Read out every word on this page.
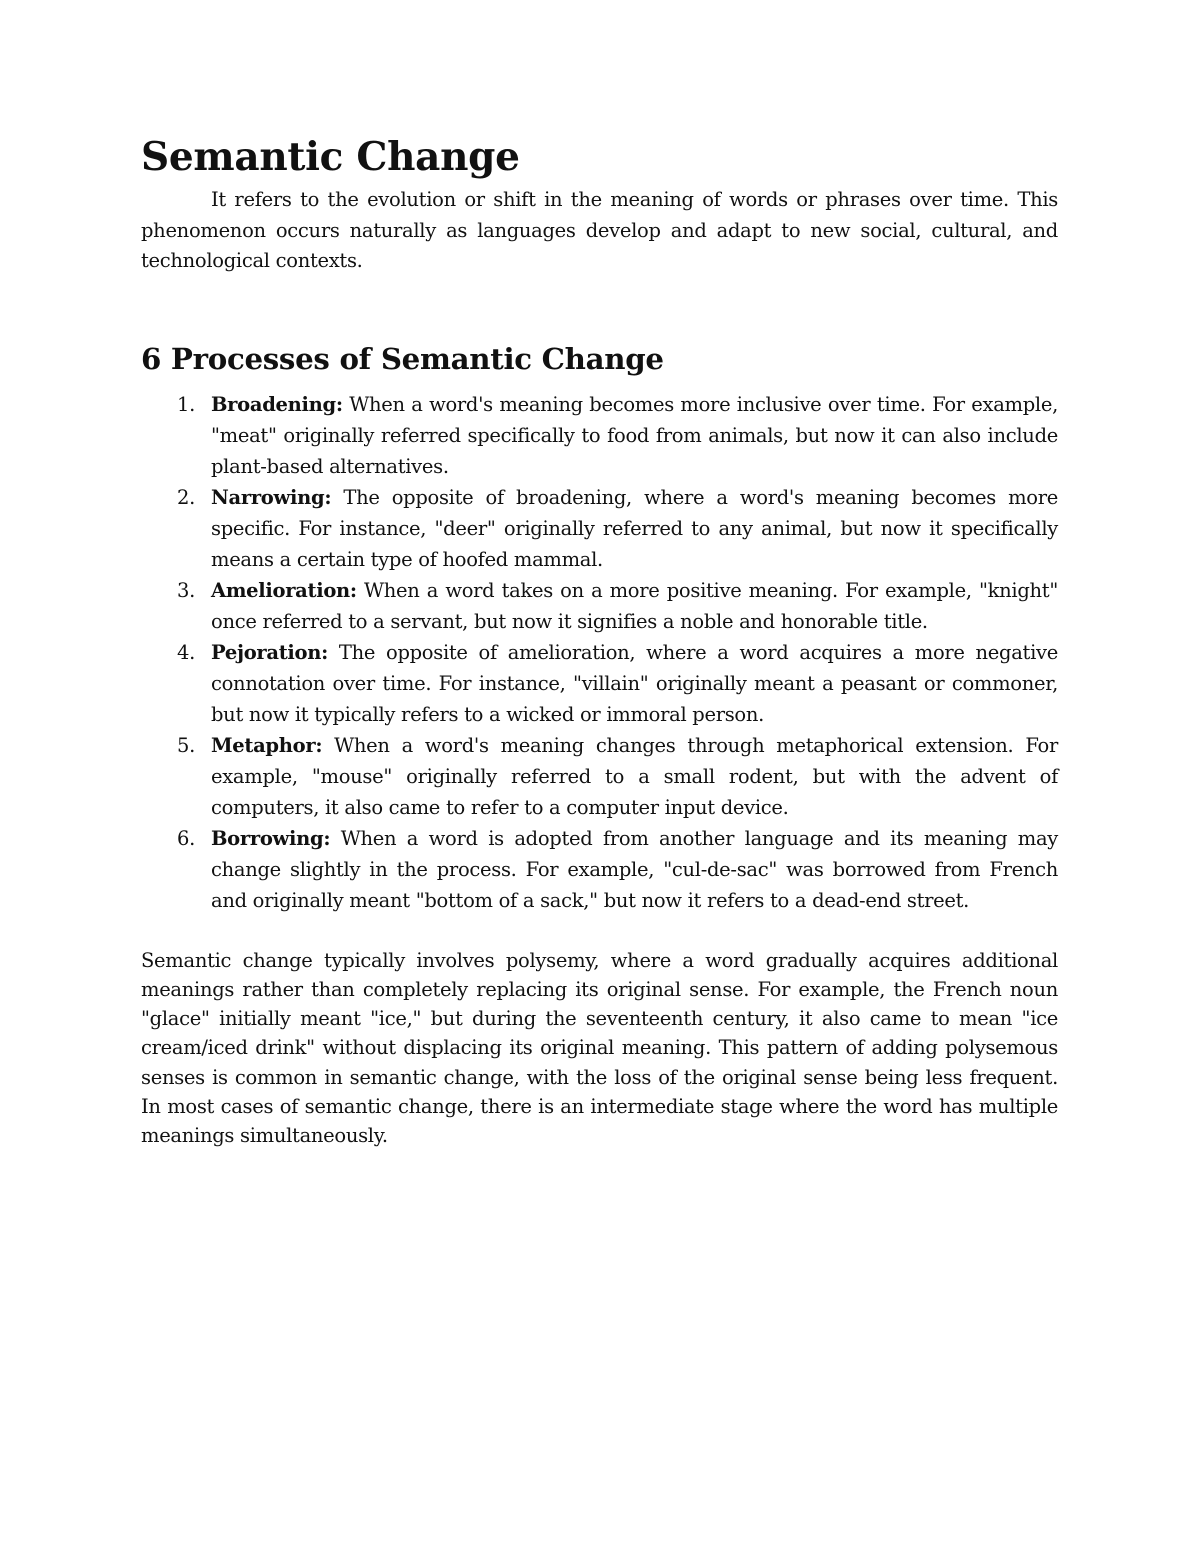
Semantic Change

It refers to the evolution or shift in the meaning of words or phrases over time. This phenomenon occurs naturally as languages develop and adapt to new social, cultural, and technological contexts.

6 Processes of Semantic Change
1. Broadening: When a word's meaning becomes more inclusive over time. For example, "meat" originally referred specifically to food from animals, but now it can also include plant-based alternatives.
2. Narrowing: The opposite of broadening, where a word's meaning becomes more specific. For instance, "deer" originally referred to any animal, but now it specifically means a certain type of hoofed mammal.
3. Amelioration: When a word takes on a more positive meaning. For example, "knight" once referred to a servant, but now it signifies a noble and honorable title.
4. Pejoration: The opposite of amelioration, where a word acquires a more negative connotation over time. For instance, "villain" originally meant a peasant or commoner, but now it typically refers to a wicked or immoral person.
5. Metaphor: When a word's meaning changes through metaphorical extension. For example, "mouse" originally referred to a small rodent, but with the advent of computers, it also came to refer to a computer input device.
6. Borrowing: When a word is adopted from another language and its meaning may change slightly in the process. For example, "cul-de-sac" was borrowed from French and originally meant "bottom of a sack," but now it refers to a dead-end street.

Semantic change typically involves polysemy, where a word gradually acquires additional meanings rather than completely replacing its original sense. For example, the French noun "glace" initially meant "ice," but during the seventeenth century, it also came to mean "ice cream/iced drink" without displacing its original meaning. This pattern of adding polysemous senses is common in semantic change, with the loss of the original sense being less frequent. In most cases of semantic change, there is an intermediate stage where the word has multiple meanings simultaneously.
